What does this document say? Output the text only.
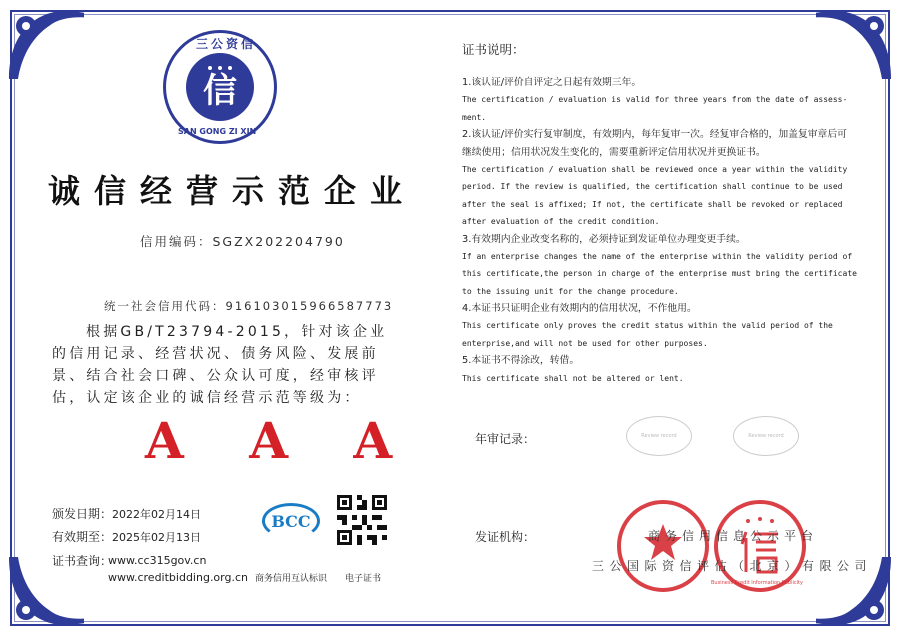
信
三公资信
SAN GONG ZI XIN
诚信经营示范企业
信用编码：SGZX202204790
统一社会信用代码：916103015966587773
根据GB/T23794-2015，针对该企业的信用记录、经营状况、债务风险、发展前景、结合社会口碑、公众认可度，经审核评估，认定该企业的诚信经营示范等级为：
A A A
颁发日期：2022年02月14日
有效期至：2025年02月13日
证书查询：
www.cc315gov.cn
www.creditbidding.org.cn
BCC
商务信用互认标识 电子证书
证书说明：
1.该认证/评价自评定之日起有效期三年。
The certification / evaluation is valid for three years from the date of assess-
ment.
2.该认证/评价实行复审制度，有效期内，每年复审一次。经复审合格的，加盖复审章后可
继续使用；信用状况发生变化的，需要重新评定信用状况并更换证书。
The certification / evaluation shall be reviewed once a year within the validity
period. If the review is qualified, the certification shall continue to be used
after the seal is affixed; If not, the certificate shall be revoked or replaced
after evaluation of the credit condition.
3.有效期内企业改变名称的，必须持证到发证单位办理变更手续。
If an enterprise changes the name of the enterprise within the validity period of
this certificate,the person in charge of the enterprise must bring the certificate
to the issuing unit for the change procedure.
4.本证书只证明企业有效期内的信用状况，不作他用。
This certificate only proves the credit status within the valid period of the
enterprise,and will not be used for other purposes.
5.本证书不得涂改，转借。
This certificate shall not be altered or lent.
年审记录：	Review record	Review record
发证机构：
Business Credit Information Publicity
商务信用信息公示平台
三公国际资信评估（北京）有限公司
